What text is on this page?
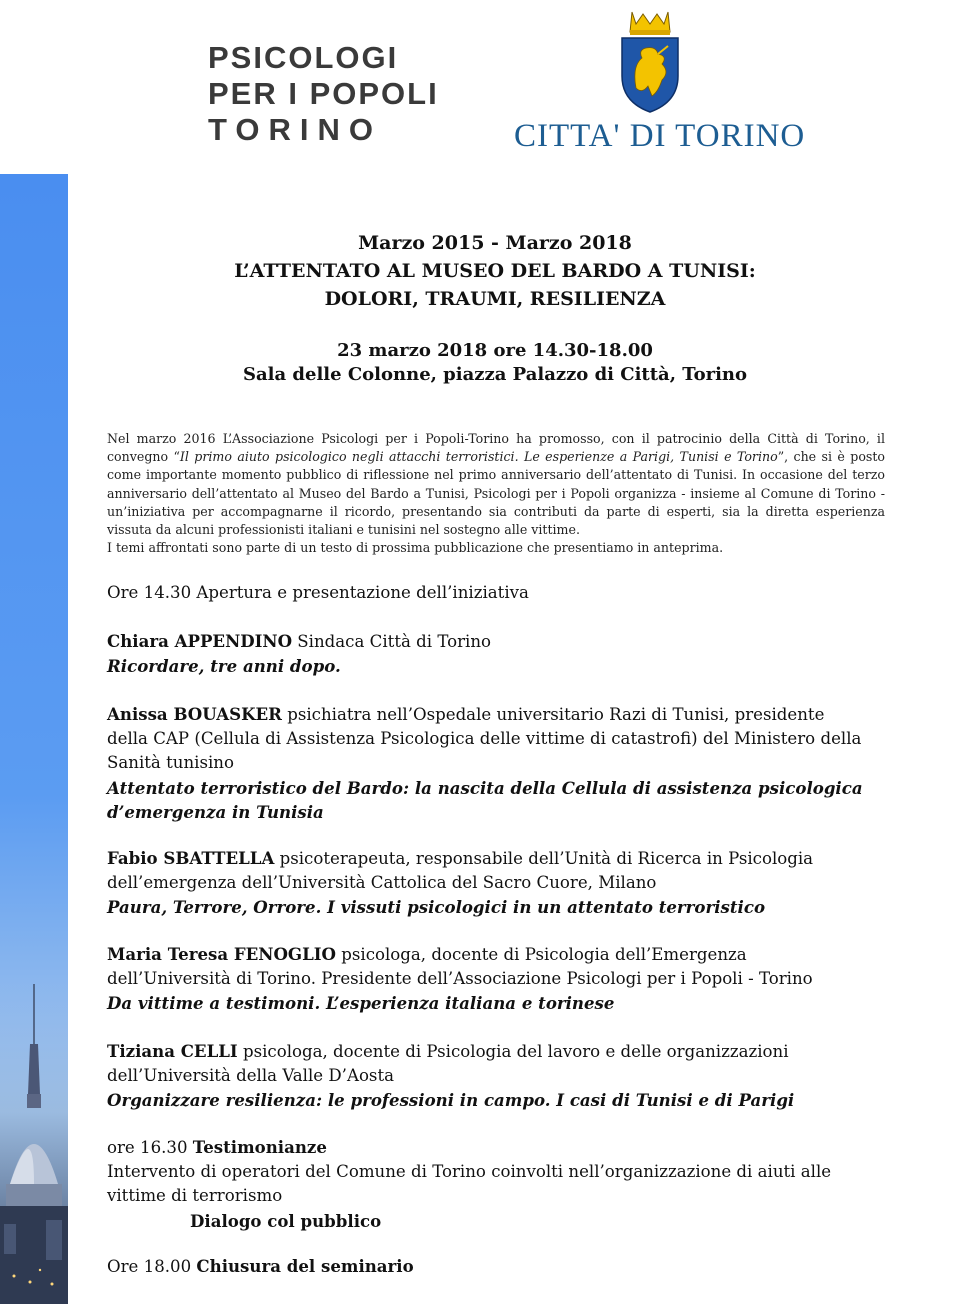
PSICOLOGI
PER I POPOLI
TORINO	CITTA' DI TORINO
Marzo 2015 - Marzo 2018
L’ATTENTATO AL MUSEO DEL BARDO A TUNISI:
DOLORI, TRAUMI, RESILIENZA
23 marzo 2018 ore 14.30-18.00
Sala delle Colonne, piazza Palazzo di Città, Torino

Nel marzo 2016 L’Associazione Psicologi per i Popoli-Torino ha promosso, con il patrocinio della Città di Torino, il convegno “Il primo aiuto psicologico negli attacchi terroristici. Le esperienze a Parigi, Tunisi e Torino”, che si è posto come importante momento pubblico di riflessione nel primo anniversario dell’attentato di Tunisi. In occasione del terzo anniversario dell’attentato al Museo del Bardo a Tunisi, Psicologi per i Popoli organizza - insieme al Comune di Torino - un’iniziativa per accompagnarne il ricordo, presentando sia contributi da parte di esperti, sia la diretta esperienza vissuta da alcuni professionisti italiani e tunisini nel sostegno alle vittime.

I temi affrontati sono parte di un testo di prossima pubblicazione che presentiamo in anteprima.

Ore 14.30 Apertura e presentazione dell’iniziativa

Chiara APPENDINO Sindaca Città di Torino

Ricordare, tre anni dopo.

Anissa BOUASKER psichiatra nell’Ospedale universitario Razi di Tunisi, presidente

della CAP (Cellula di Assistenza Psicologica delle vittime di catastrofi) del Ministero della

Sanità tunisino

Attentato terroristico del Bardo: la nascita della Cellula di assistenza psicologica

d’emergenza in Tunisia

Fabio SBATTELLA psicoterapeuta, responsabile dell’Unità di Ricerca in Psicologia

dell’emergenza dell’Università Cattolica del Sacro Cuore, Milano

Paura, Terrore, Orrore. I vissuti psicologici in un attentato terroristico

Maria Teresa FENOGLIO psicologa, docente di Psicologia dell’Emergenza

dell’Università di Torino. Presidente dell’Associazione Psicologi per i Popoli - Torino

Da vittime a testimoni. L’esperienza italiana e torinese

Tiziana CELLI psicologa, docente di Psicologia del lavoro e delle organizzazioni

dell’Università della Valle D’Aosta

Organizzare resilienza: le professioni in campo. I casi di Tunisi e di Parigi

ore 16.30 Testimonianze

Intervento di operatori del Comune di Torino coinvolti nell’organizzazione di aiuti alle

vittime di terrorismo

Dialogo col pubblico

Ore 18.00 Chiusura del seminario
